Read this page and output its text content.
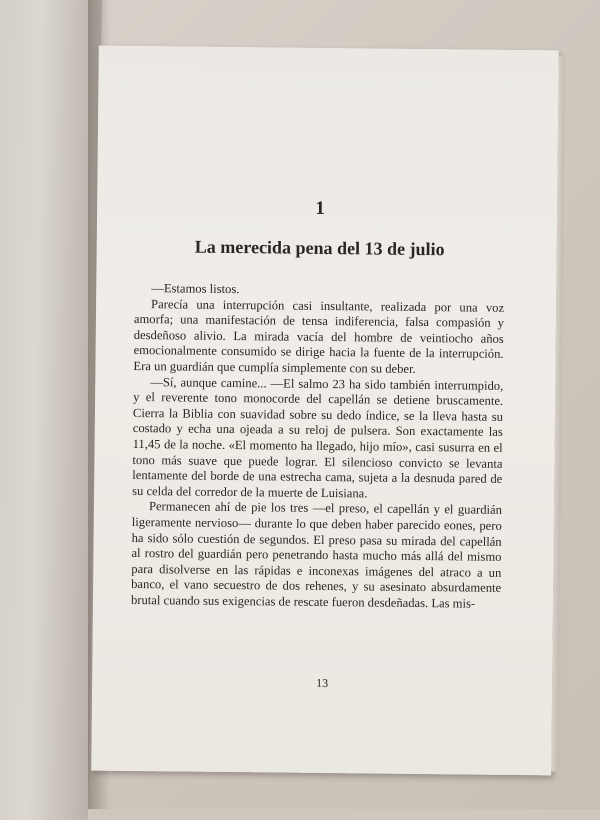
1
La merecida pena del 13 de julio

—Estamos listos.

Parecía una interrupción casi insultante, realizada por una voz amorfa; una manifestación de tensa indiferencia, falsa compasión y desdeñoso alivio. La mirada vacía del hombre de veintiocho años emocionalmente consumido se dirige hacia la fuente de la interrupción. Era un guardián que cumplía simplemente con su deber.

—Sí, aunque camine... —El salmo 23 ha sido también interrumpido, y el reverente tono monocorde del capellán se detiene bruscamente. Cierra la Biblia con suavidad sobre su dedo índice, se la lleva hasta su costado y echa una ojeada a su reloj de pulsera. Son exactamente las 11,45 de la noche. «El momento ha llegado, hijo mío», casi susurra en el tono más suave que puede lograr. El silencioso convicto se levanta lentamente del borde de una estrecha cama, sujeta a la desnuda pared de su celda del corredor de la muerte de Luisiana.

Permanecen ahí de pie los tres —el preso, el capellán y el guardián ligeramente nervioso— durante lo que deben haber parecido eones, pero ha sido sólo cuestión de segundos. El preso pasa su mirada del capellán al rostro del guardián pero penetrando hasta mucho más allá del mismo para disolverse en las rápidas e inconexas imágenes del atraco a un banco, el vano secuestro de dos rehenes, y su asesinato absurdamente brutal cuando sus exigencias de rescate fueron desdeñadas. Las mis-

13
